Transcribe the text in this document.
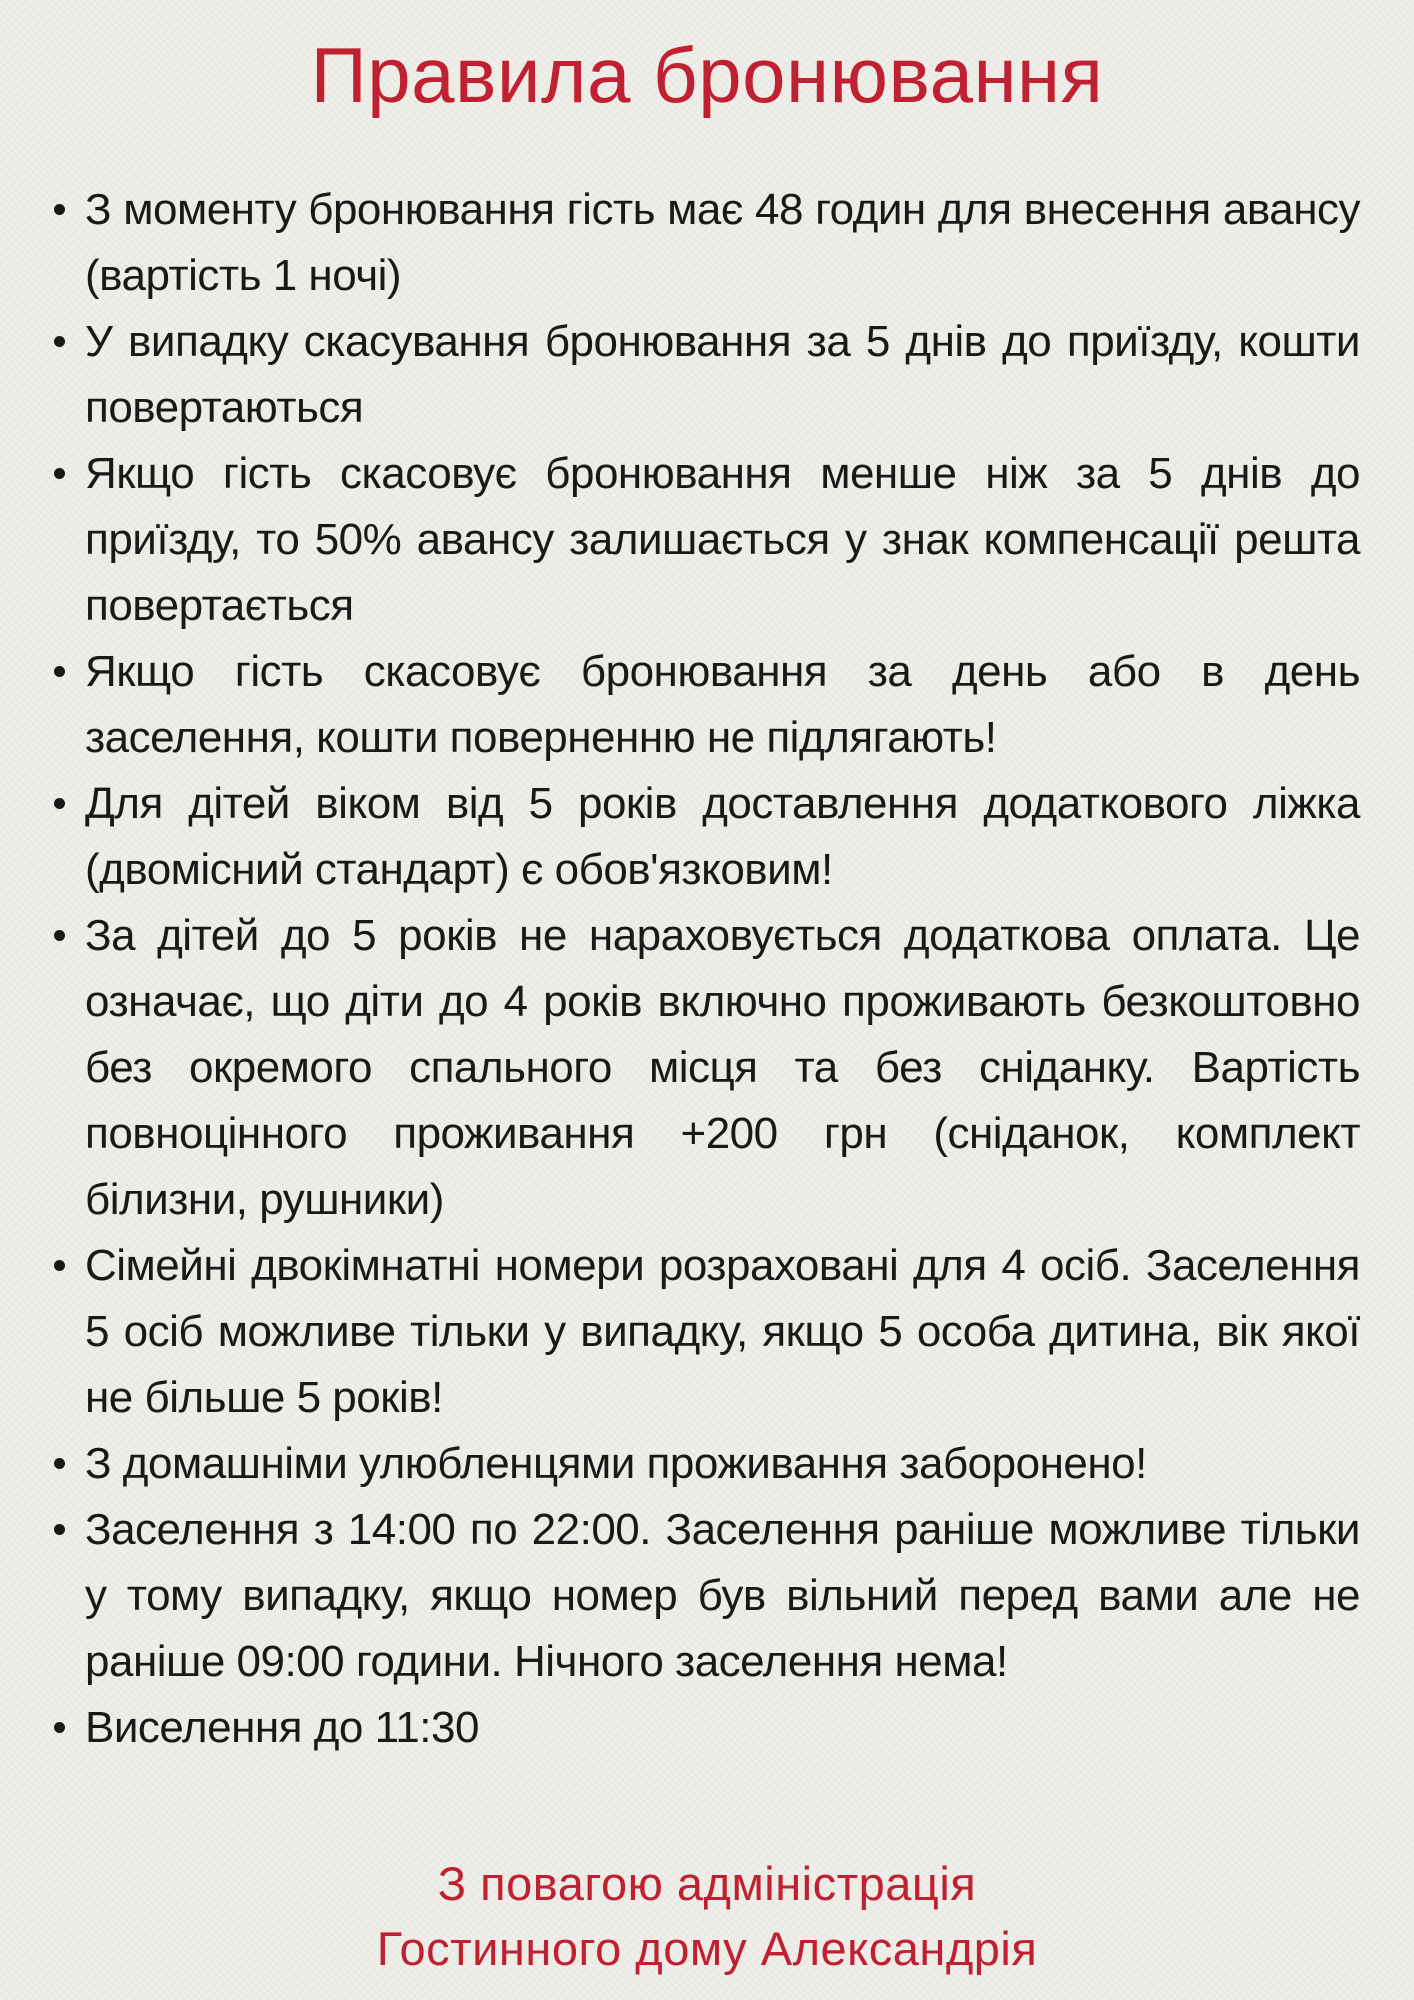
Правила бронювання
З моменту бронювання гість має 48 годин для внесення авансу (вартість 1 ночі)
У випадку скасування бронювання за 5 днів до приїзду, кошти повертаються
Якщо гість скасовує бронювання менше ніж за 5 днів до приїзду, то 50% авансу залишається у знак компенсації решта повертається
Якщо гість скасовує бронювання за день або в день заселення, кошти поверненню не підлягають!
Для дітей віком від 5 років доставлення додаткового ліжка (двомісний стандарт) є обов'язковим!
За дітей до 5 років не нараховується додаткова оплата. Це означає, що діти до 4 років включно проживають безкоштовно без окремого спального місця та без сніданку. Вартість повноцінного проживання +200 грн (сніданок, комплект білизни, рушники)
Сімейні двокімнатні номери розраховані для 4 осіб. Заселення 5 осіб можливе тільки у випадку, якщо 5 особа дитина, вік якої не більше 5 років!
З домашніми улюбленцями проживання заборонено!
Заселення з 14:00 по 22:00. Заселення раніше можливе тільки у тому випадку, якщо номер був вільний перед вами але не раніше 09:00 години. Нічного заселення нема!
Виселення до 11:30
З повагою адміністрація
Гостинного дому Александрія
